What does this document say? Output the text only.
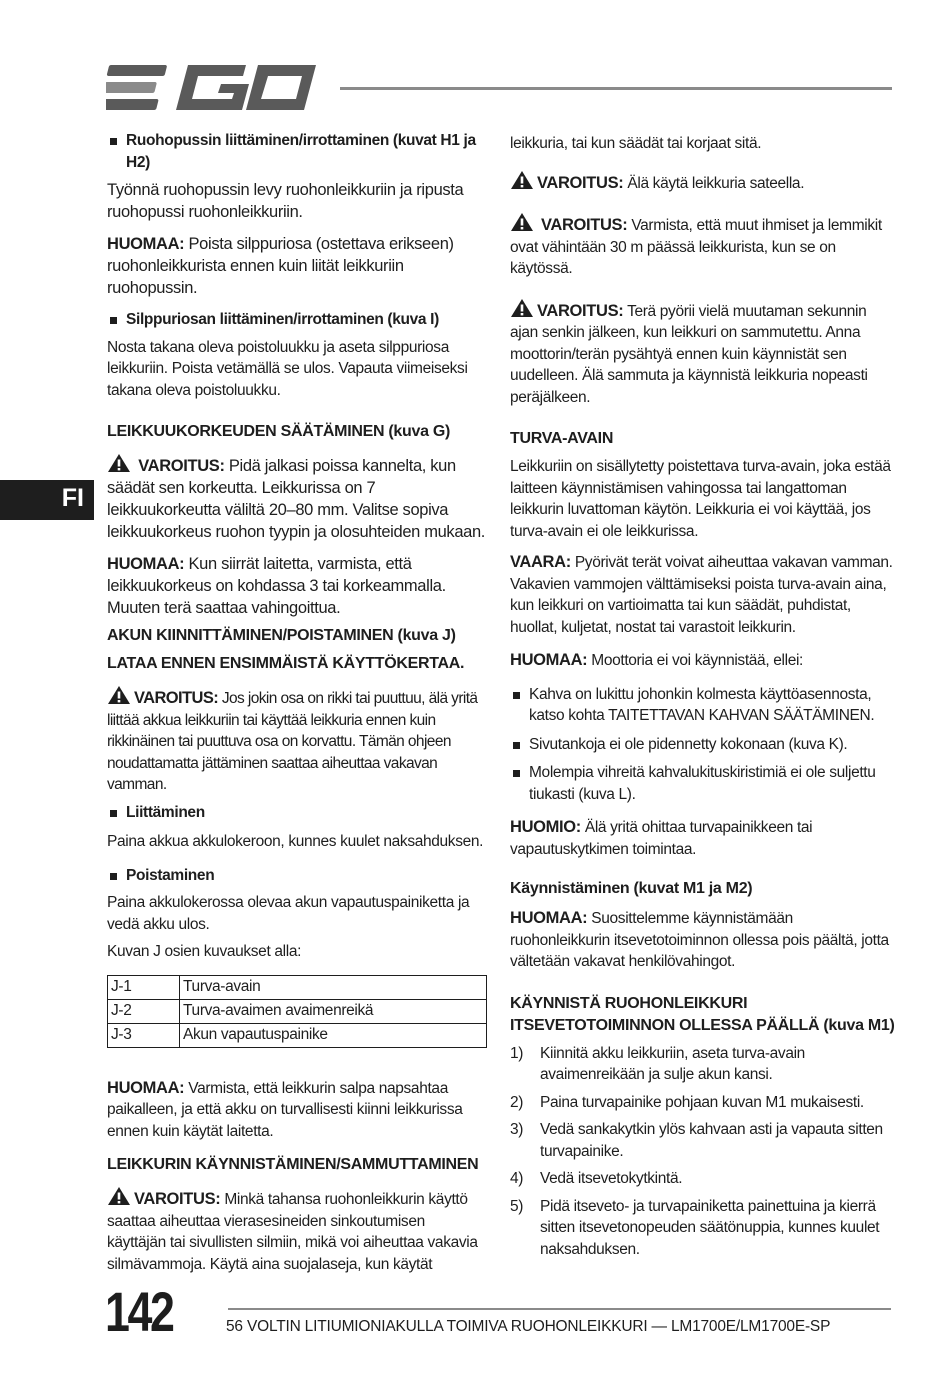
FI

Ruohopussin liittäminen/irrottaminen (kuvat H1 ja H2)

Työnnä ruohopussin levy ruohonleikkuriin ja ripusta ruohopussi ruohonleikkuriin.

HUOMAA: Poista silppuriosa (ostettava erikseen) ruohonleikkurista ennen kuin liität leikkuriin ruohopussin.

Silppuriosan liittäminen/irrottaminen (kuva I)

Nosta takana oleva poistoluukku ja aseta silppuriosa leikkuriin. Poista vetämällä se ulos. Vapauta viimeiseksi takana oleva poistoluukku.

LEIKKUUKORKEUDEN SÄÄTÄMINEN (kuva G)

VAROITUS: Pidä jalkasi poissa kannelta, kun säädät sen korkeutta. Leikkurissa on 7 leikkuukorkeutta väliltä 20–80 mm. Valitse sopiva leikkuukorkeus ruohon tyypin ja olosuhteiden mukaan.

HUOMAA: Kun siirrät laitetta, varmista, että leikkuukorkeus on kohdassa 3 tai korkeammalla. Muuten terä saattaa vahingoittua.

AKUN KIINNITTÄMINEN/POISTAMINEN (kuva J)

LATAA ENNEN ENSIMMÄISTÄ KÄYTTÖKERTAA.

VAROITUS: Jos jokin osa on rikki tai puuttuu, älä yritä liittää akkua leikkuriin tai käyttää leikkuria ennen kuin rikkinäinen tai puuttuva osa on korvattu. Tämän ohjeen noudattamatta jättäminen saattaa aiheuttaa vakavan vamman.

Liittäminen

Paina akkua akkulokeroon, kunnes kuulet naksahduksen.

Poistaminen

Paina akkulokerossa olevaa akun vapautuspainiketta ja vedä akku ulos.

Kuvan J osien kuvaukset alla:

J-1	Turva-avain
J-2	Turva-avaimen avaimenreikä
J-3	Akun vapautuspainike

HUOMAA: Varmista, että leikkurin salpa napsahtaa paikalleen, ja että akku on turvallisesti kiinni leikkurissa ennen kuin käytät laitetta.

LEIKKURIN KÄYNNISTÄMINEN/SAMMUTTAMINEN

VAROITUS: Minkä tahansa ruohonleikkurin käyttö saattaa aiheuttaa vierasesineiden sinkoutumisen käyttäjän tai sivullisten silmiin, mikä voi aiheuttaa vakavia silmävammoja. Käytä aina suojalaseja, kun käytät

leikkuria, tai kun säädät tai korjaat sitä.

VAROITUS: Älä käytä leikkuria sateella.

VAROITUS: Varmista, että muut ihmiset ja lemmikit ovat vähintään 30 m päässä leikkurista, kun se on käytössä.

VAROITUS: Terä pyörii vielä muutaman sekunnin ajan senkin jälkeen, kun leikkuri on sammutettu. Anna moottorin/terän pysähtyä ennen kuin käynnistät sen uudelleen. Älä sammuta ja käynnistä leikkuria nopeasti peräjälkeen.

TURVA-AVAIN

Leikkuriin on sisällytetty poistettava turva-avain, joka estää laitteen käynnistämisen vahingossa tai langattoman leikkurin luvattoman käytön. Leikkuria ei voi käyttää, jos turva-avain ei ole leikkurissa.

VAARA: Pyörivät terät voivat aiheuttaa vakavan vamman. Vakavien vammojen välttämiseksi poista turva-avain aina, kun leikkuri on vartioimatta tai kun säädät, puhdistat, huollat, kuljetat, nostat tai varastoit leikkurin.

HUOMAA: Moottoria ei voi käynnistää, ellei:

Kahva on lukittu johonkin kolmesta käyttöasennosta, katso kohta TAITETTAVAN KAHVAN SÄÄTÄMINEN.

Sivutankoja ei ole pidennetty kokonaan (kuva K).

Molempia vihreitä kahvalukituskiristimiä ei ole suljettu tiukasti (kuva L).

HUOMIO: Älä yritä ohittaa turvapainikkeen tai vapautuskytkimen toimintaa.

Käynnistäminen (kuvat M1 ja M2)

HUOMAA: Suosittelemme käynnistämään ruohonleikkurin itsevetotoiminnon ollessa pois päältä, jotta vältetään vakavat henkilövahingot.

KÄYNNISTÄ RUOHONLEIKKURI ITSEVETOTOIMINNON OLLESSA PÄÄLLÄ (kuva M1)

1) Kiinnitä akku leikkuriin, aseta turva-avain avaimenreikään ja sulje akun kansi.

2) Paina turvapainike pohjaan kuvan M1 mukaisesti.

3) Vedä sankakytkin ylös kahvaan asti ja vapauta sitten turvapainike.

4) Vedä itsevetokytkintä.

5) Pidä itseveto- ja turvapainiketta painettuina ja kierrä sitten itsevetonopeuden säätönuppia, kunnes kuulet naksahduksen.

142	56 VOLTIN LITIUMIONIAKULLA TOIMIVA RUOHONLEIKKURI — LM1700E/LM1700E-SP
